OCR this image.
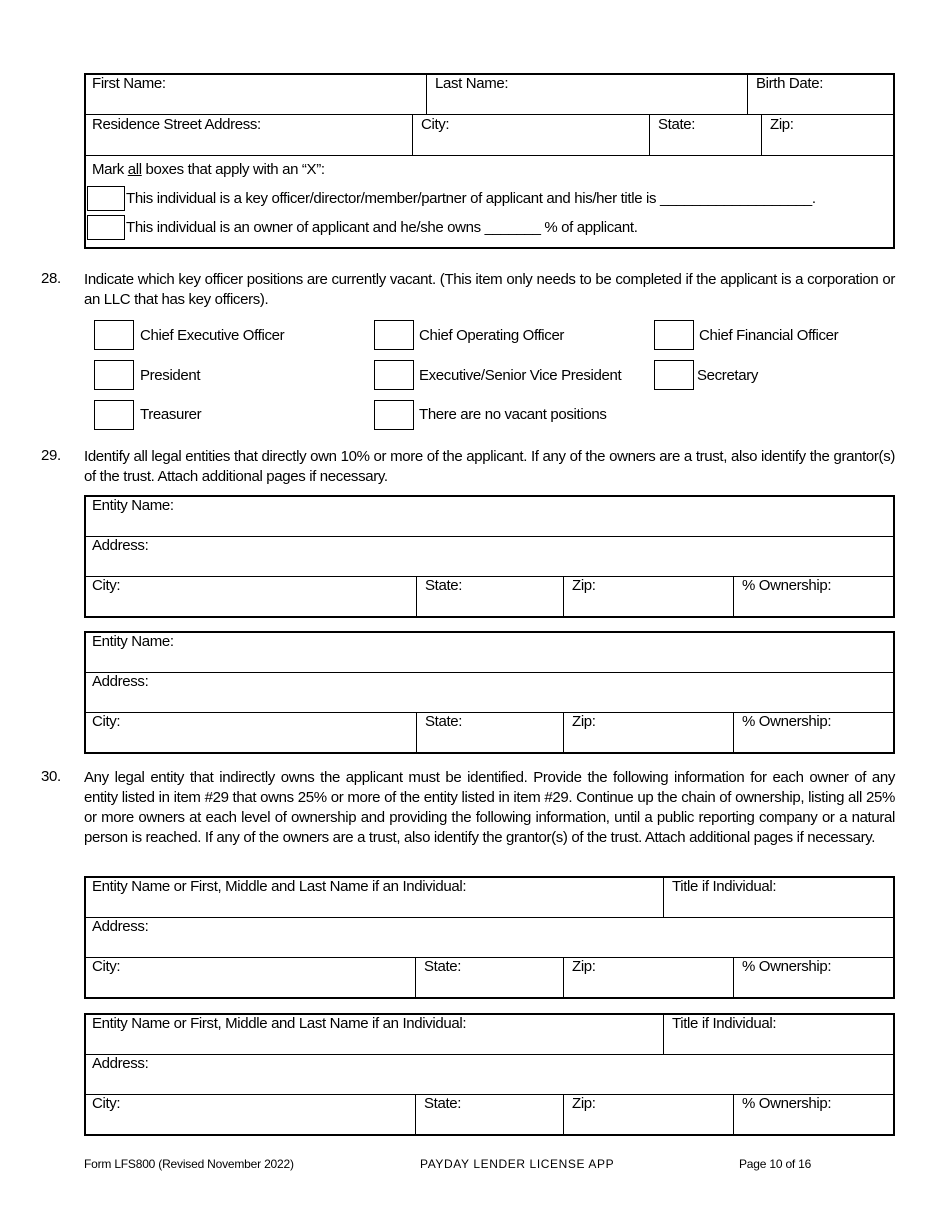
First Name:	Last Name:	Birth Date:
Residence Street Address:	City:	State:	Zip:
Mark all boxes that apply with an “X”:
This individual is a key officer/director/member/partner of applicant and his/her title is ___________________.
This individual is an owner of applicant and he/she owns _______ % of applicant.
28. Indicate which key officer positions are currently vacant. (This item only needs to be completed if the applicant is a corporation or an LLC that has key officers).
Chief Executive Officer	Chief Operating Officer	Chief Financial Officer
President	Executive/Senior Vice President	Secretary
Treasurer	There are no vacant positions
29. Identify all legal entities that directly own 10% or more of the applicant. If any of the owners are a trust, also identify the grantor(s) of the trust. Attach additional pages if necessary.
Entity Name:
Address:
City:	State:	Zip:	% Ownership:
Entity Name:
Address:
City:	State:	Zip:	% Ownership:
30. Any legal entity that indirectly owns the applicant must be identified. Provide the following information for each owner of any entity listed in item #29 that owns 25% or more of the entity listed in item #29. Continue up the chain of ownership, listing all 25% or more owners at each level of ownership and providing the following information, until a public reporting company or a natural person is reached. If any of the owners are a trust, also identify the grantor(s) of the trust. Attach additional pages if necessary.
Entity Name or First, Middle and Last Name if an Individual:	Title if Individual:
Address:
City:	State:	Zip:	% Ownership:
Entity Name or First, Middle and Last Name if an Individual:	Title if Individual:
Address:
City:	State:	Zip:	% Ownership:
Form LFS800 (Revised November 2022)	PAYDAY LENDER LICENSE APP	Page 10 of 16
